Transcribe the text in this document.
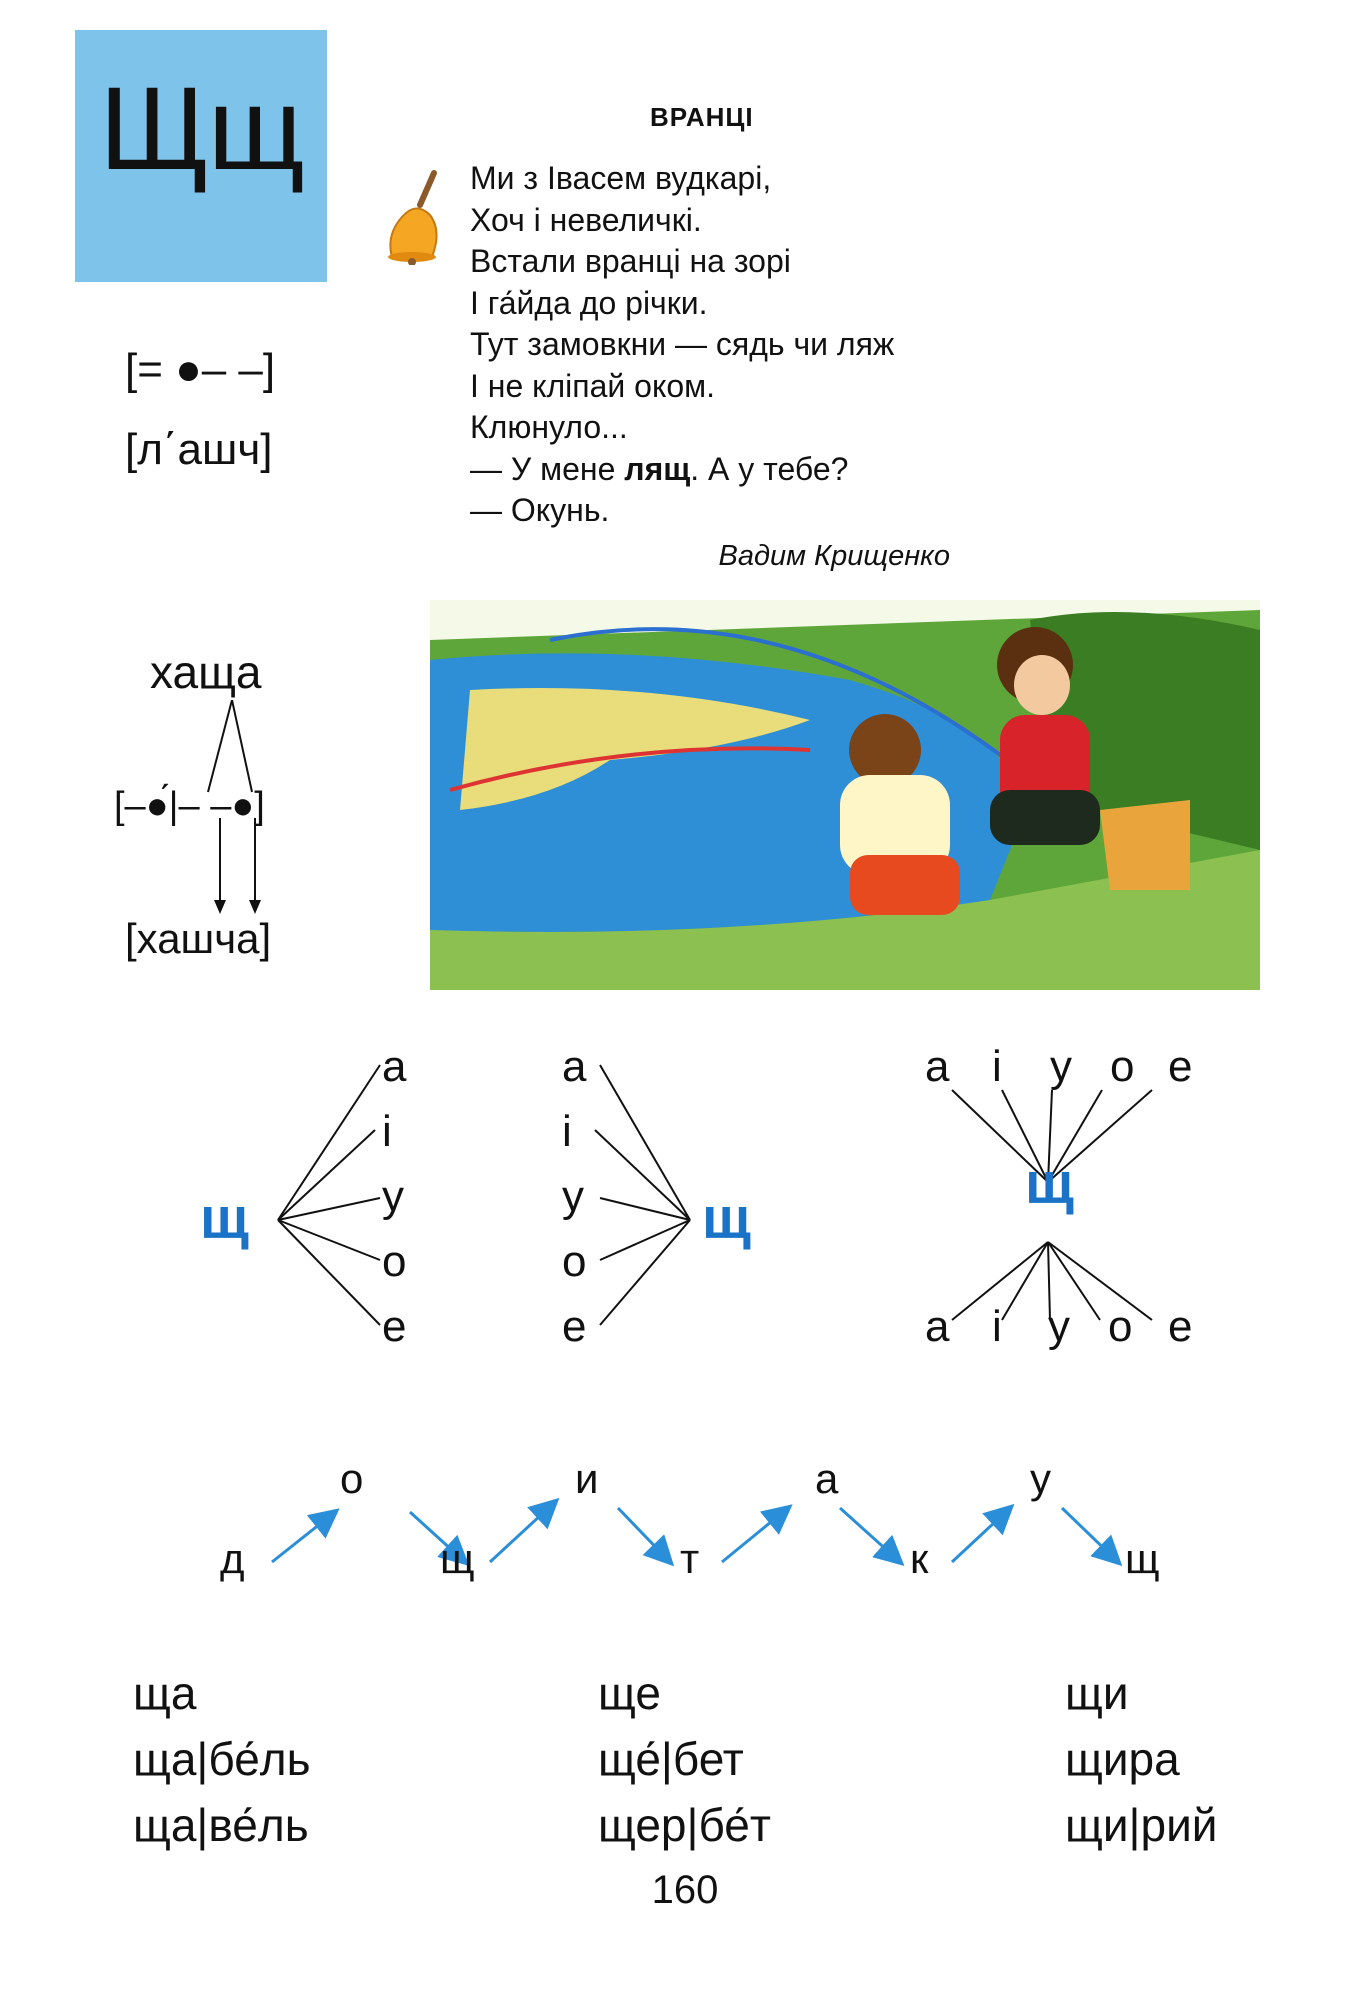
Щщ
[= ●– –]
[л΄ашч]
хаща
[–●́|– –●]
[хашча]
ВРАНЦІ
Ми з Івасем вудкарі,
Хоч і невеличкі.
Встали вранці на зорі
І га́йда до річки.
Тут замовкни — сядь чи ляж
І не кліпай оком.
Клюнуло...
— У мене лящ. А у тебе?
— Окунь.
Вадим Крищенко
щ
а
і
у
о
е
а
і
у
о
е
щ
а і у о е
щ
а і у о е
д
о
щ
и
т
а
к
у
щ
ща
ща|бе́ль
ща|ве́ль
ще
ще́|бет
щер|бе́т
щи
щира
щи|рий
160
